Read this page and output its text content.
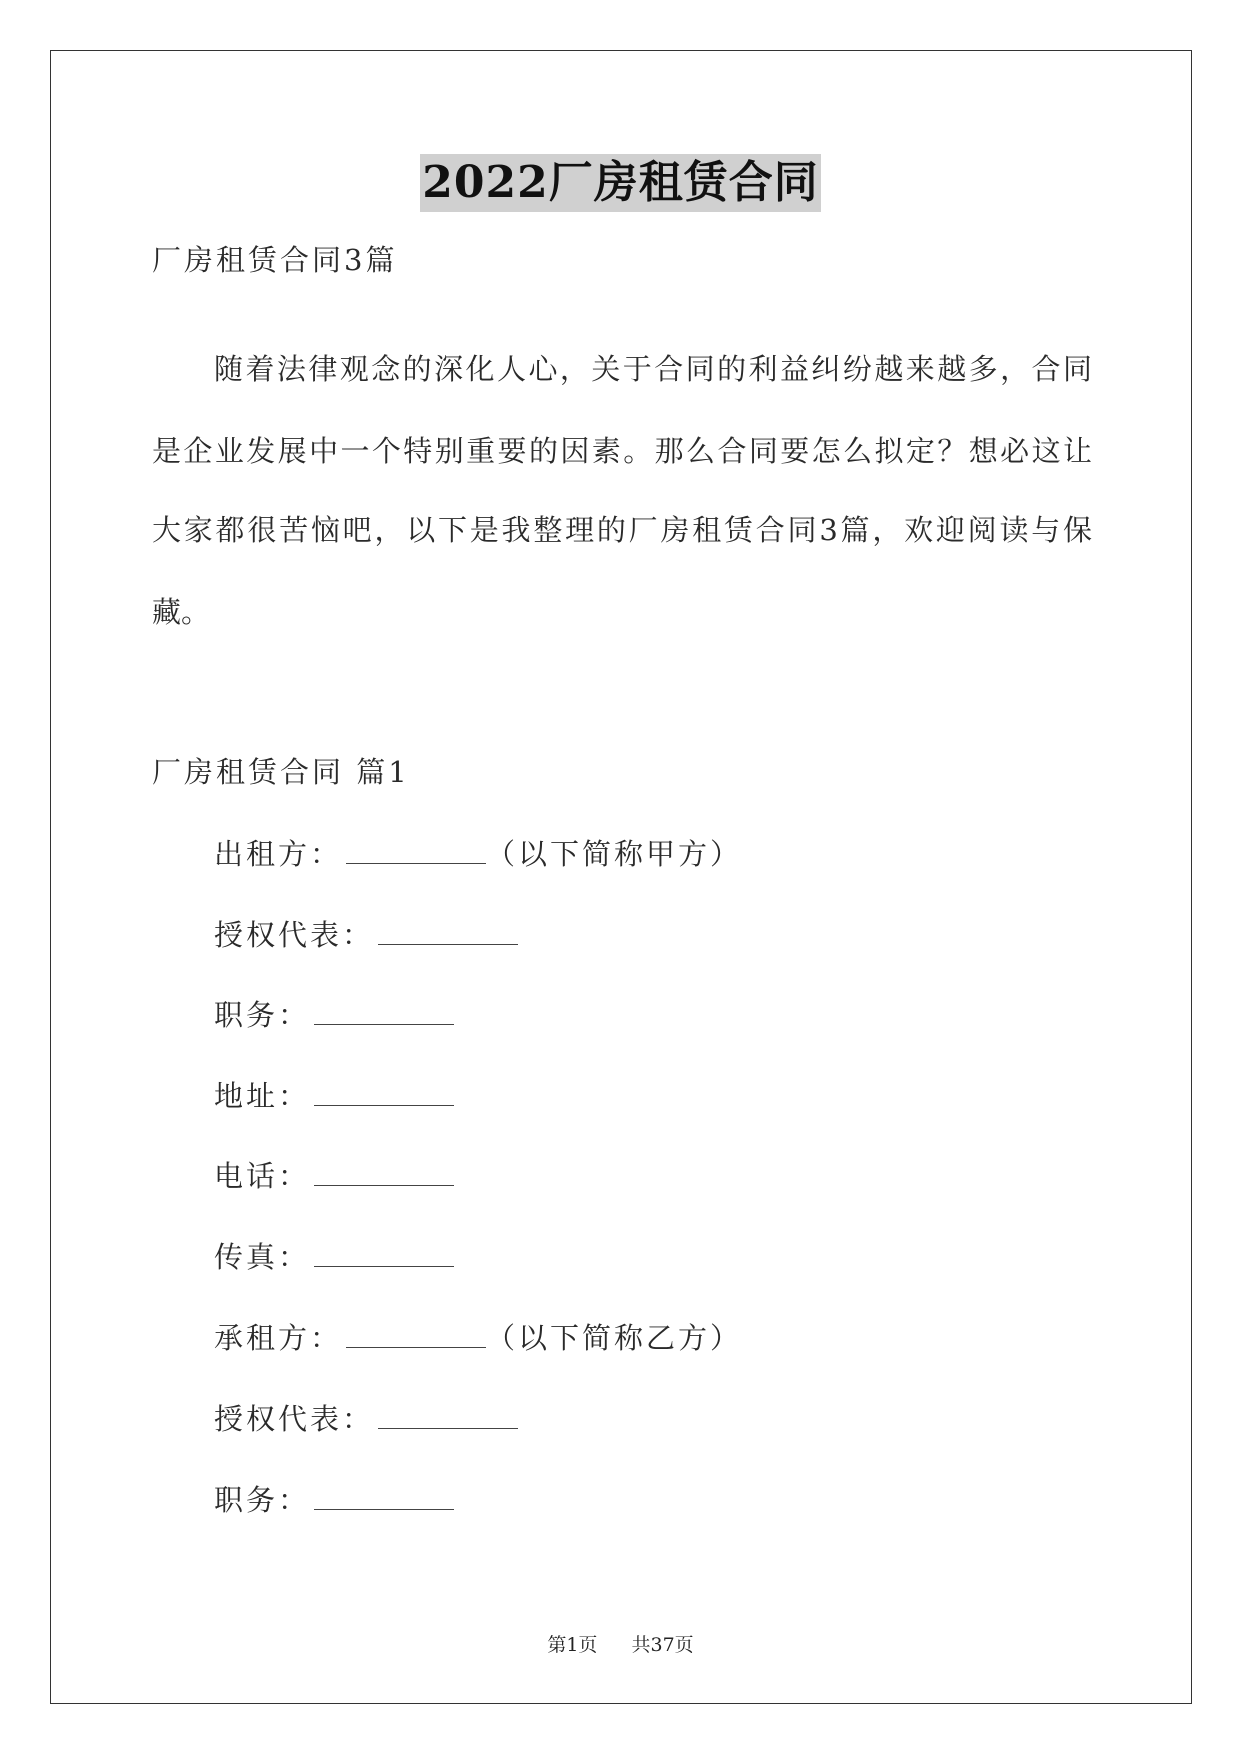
2022厂房租赁合同
厂房租赁合同3篇
随着法律观念的深化人心，关于合同的利益纠纷越来越多，合同
是企业发展中一个特别重要的因素。那么合同要怎么拟定？想必这让
大家都很苦恼吧，以下是我整理的厂房租赁合同3篇，欢迎阅读与保
藏。
厂房租赁合同 篇1
出租方：	（以下简称甲方）
授权代表：
职务：
地址：
电话：
传真：
承租方：	（以下简称乙方）
授权代表：
职务：
第1页 共37页
